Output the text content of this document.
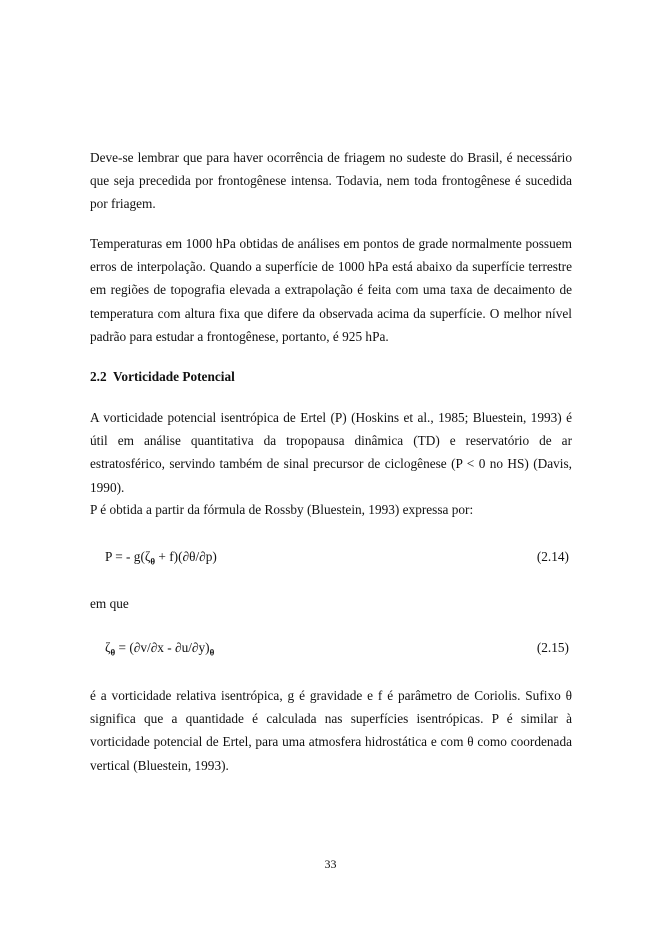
Deve-se lembrar que para haver ocorrência de friagem no sudeste do Brasil, é necessário que seja precedida por frontogênese intensa. Todavia, nem toda frontogênese é sucedida por friagem.

Temperaturas em 1000 hPa obtidas de análises em pontos de grade normalmente possuem erros de interpolação. Quando a superfície de 1000 hPa está abaixo da superfície terrestre em regiões de topografia elevada a extrapolação é feita com uma taxa de decaimento de temperatura com altura fixa que difere da observada acima da superfície. O melhor nível padrão para estudar a frontogênese, portanto, é 925 hPa.

2.2 Vorticidade Potencial

A vorticidade potencial isentrópica de Ertel (P) (Hoskins et al., 1985; Bluestein, 1993) é útil em análise quantitativa da tropopausa dinâmica (TD) e reservatório de ar estratosférico, servindo também de sinal precursor de ciclogênese (P < 0 no HS) (Davis, 1990).

P é obtida a partir da fórmula de Rossby (Bluestein, 1993) expressa por:

P = - $g(\zeta_\theta + f)(\partial\theta/\partial p)$	(2.14)

em que

$\zeta_\theta = (\partial v/\partial x - \partial u/\partial y)_\theta$	(2.15)

é a vorticidade relativa isentrópica, g é gravidade e f é parâmetro de Coriolis. Sufixo θ significa que a quantidade é calculada nas superfícies isentrópicas. P é similar à vorticidade potencial de Ertel, para uma atmosfera hidrostática e com θ como coordenada vertical (Bluestein, 1993).

33
